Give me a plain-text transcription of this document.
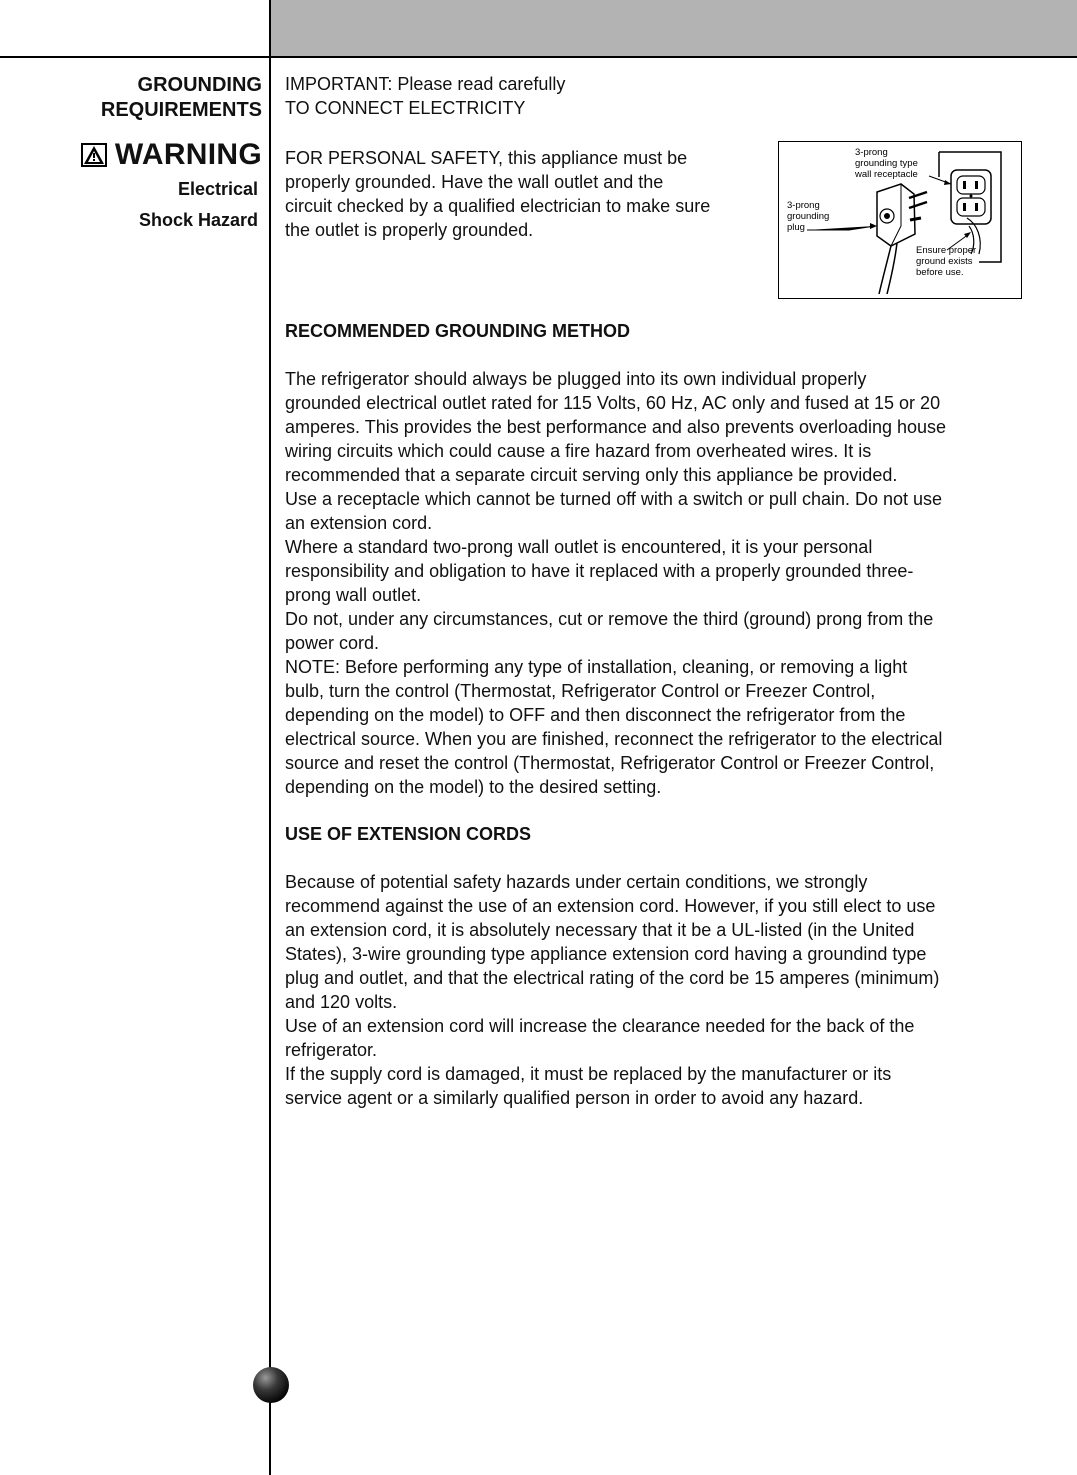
GROUNDING
REQUIREMENTS
WARNING
Electrical
Shock Hazard
IMPORTANT: Please read carefully
TO CONNECT ELECTRICITY
FOR PERSONAL SAFETY, this appliance must be
properly grounded. Have the wall outlet and the
circuit checked by a qualified electrician to make sure
the outlet is properly grounded.
3-prong
grounding type
wall receptacle
3-prong
grounding
plug
Ensure proper
ground exists
before use.
RECOMMENDED GROUNDING METHOD
The refrigerator should always be plugged into its own individual properly
grounded electrical outlet rated for 115 Volts, 60 Hz, AC only and fused at 15 or 20
amperes. This provides the best performance and also prevents overloading house
wiring circuits which could cause a fire hazard from overheated wires. It is
recommended that a separate circuit serving only this appliance be provided.
Use a receptacle which cannot be turned off with a switch or pull chain. Do not use
an extension cord.
Where a standard two-prong wall outlet is encountered, it is your personal
responsibility and obligation to have it replaced with a properly grounded three-
prong wall outlet.
Do not, under any circumstances, cut or remove the third (ground) prong from the
power cord.
NOTE: Before performing any type of installation, cleaning, or removing a light
bulb, turn the control (Thermostat, Refrigerator Control or Freezer Control,
depending on the model) to OFF and then disconnect the refrigerator from the
electrical source. When you are finished, reconnect the refrigerator to the electrical
source and reset the control (Thermostat, Refrigerator Control or Freezer Control,
depending on the model) to the desired setting.
USE OF EXTENSION CORDS
Because of potential safety hazards under certain conditions, we strongly
recommend against the use of an extension cord. However, if you still elect to use
an extension cord, it is absolutely necessary that it be a UL-listed (in the United
States), 3-wire grounding type appliance extension cord having a groundind type
plug and outlet, and that the electrical rating of the cord be 15 amperes (minimum)
and 120 volts.
Use of an extension cord will increase the clearance needed for the back of the
refrigerator.
If the supply cord is damaged, it must be replaced by the manufacturer or its
service agent or a similarly qualified person in order to avoid any hazard.
